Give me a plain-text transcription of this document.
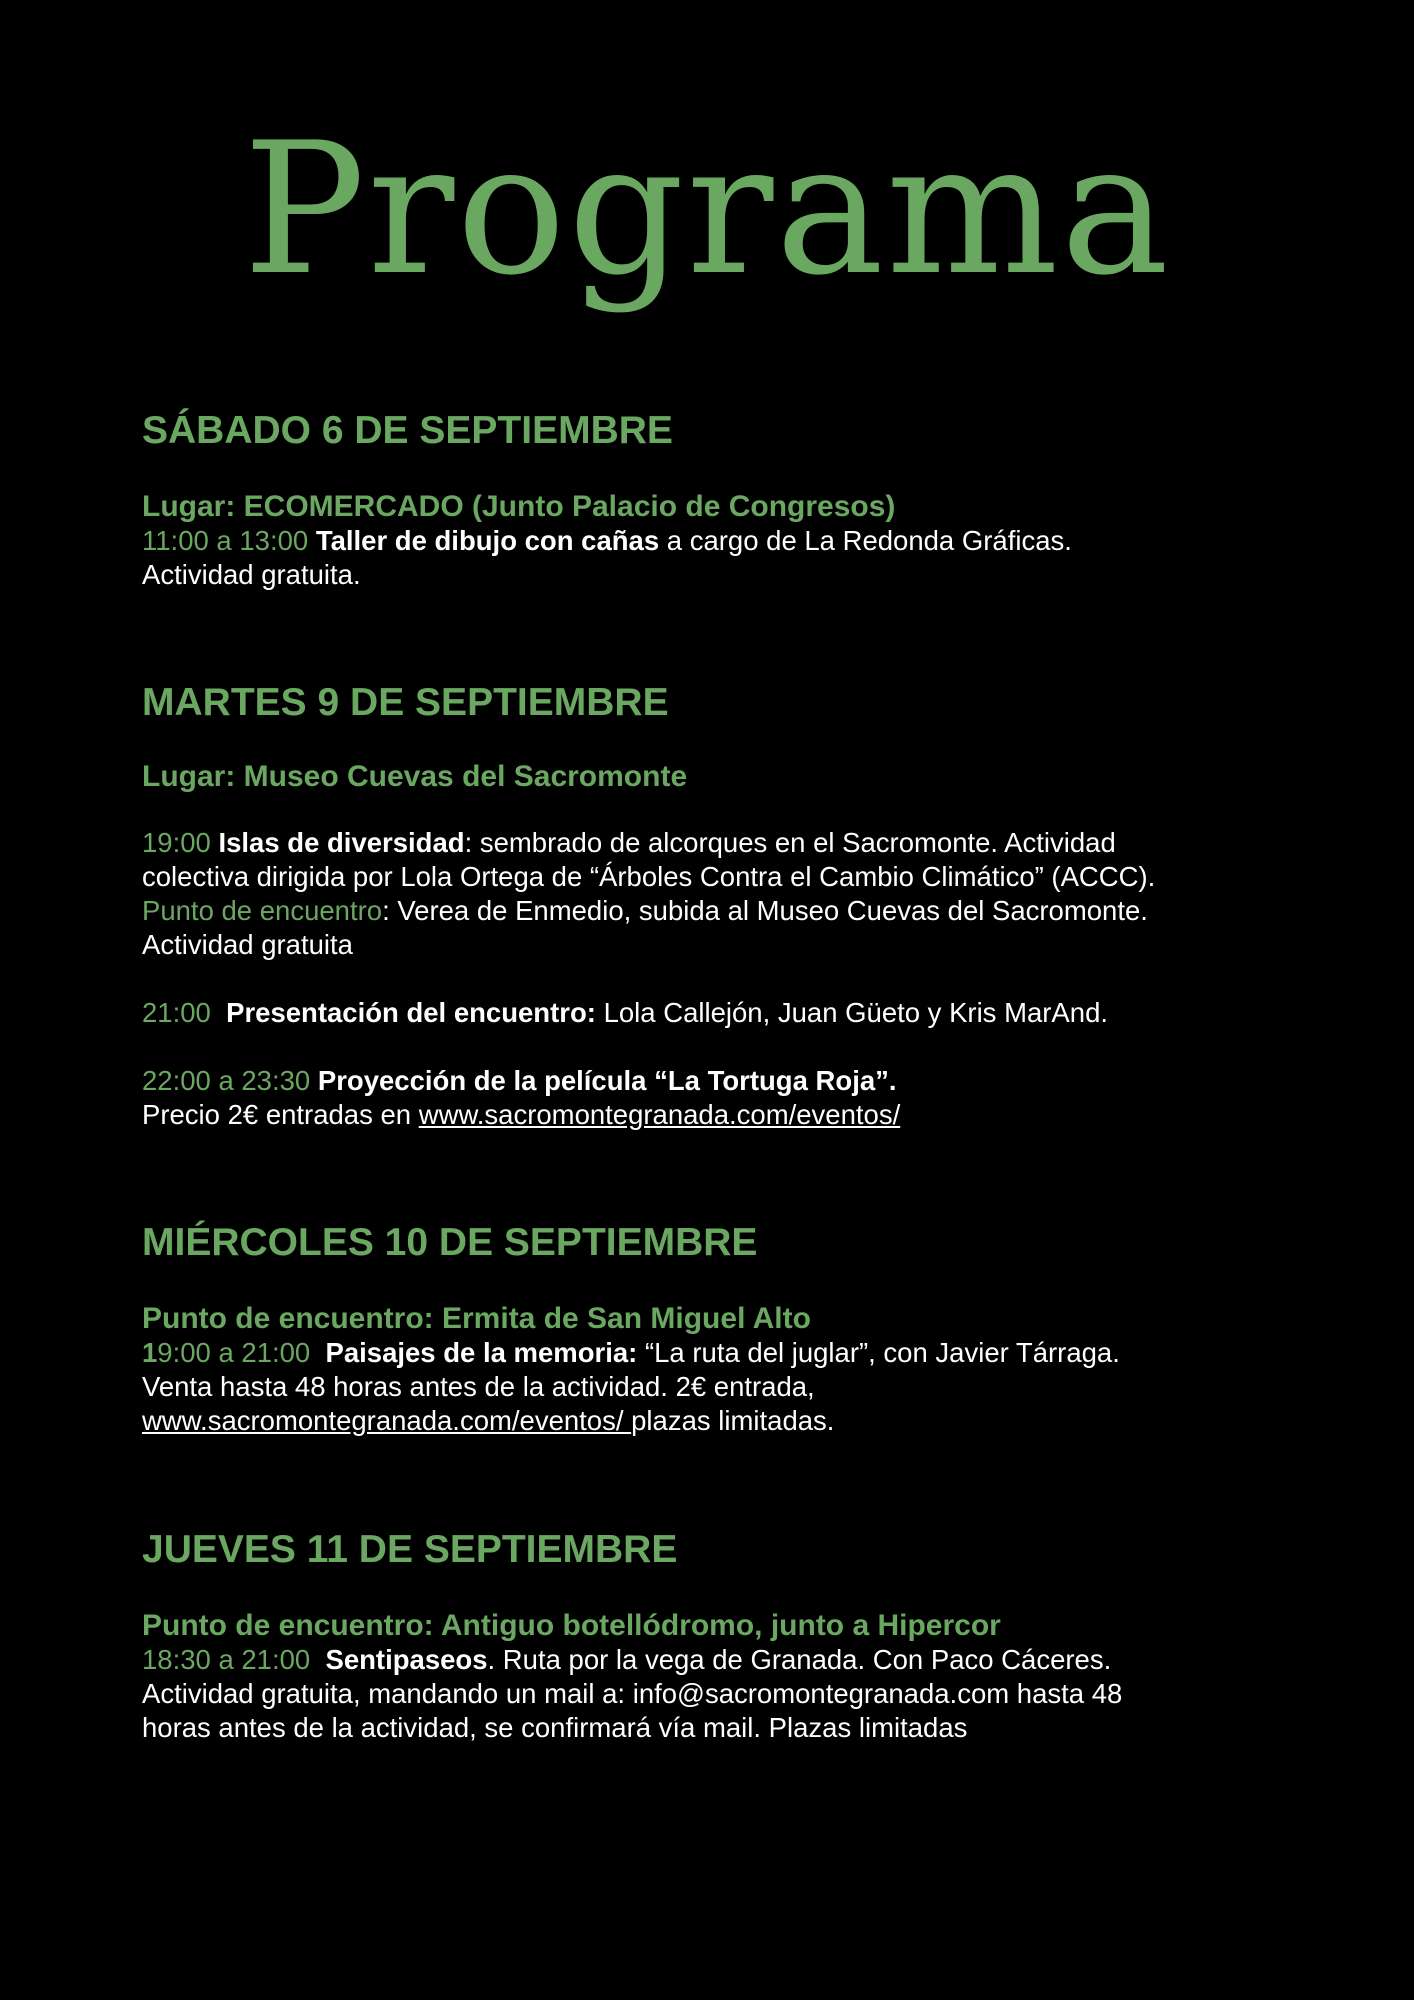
Programa

SÁBADO 6 DE SEPTIEMBRE

Lugar: ECOMERCADO (Junto Palacio de Congresos)

11:00 a 13:00 Taller de dibujo con cañas a cargo de La Redonda Gráficas.

Actividad gratuita.

MARTES 9 DE SEPTIEMBRE

Lugar: Museo Cuevas del Sacromonte

19:00 Islas de diversidad: sembrado de alcorques en el Sacromonte. Actividad

colectiva dirigida por Lola Ortega de “Árboles Contra el Cambio Climático” (ACCC).

Punto de encuentro: Verea de Enmedio, subida al Museo Cuevas del Sacromonte.

Actividad gratuita

21:00 Presentación del encuentro: Lola Callejón, Juan Güeto y Kris MarAnd.

22:00 a 23:30 Proyección de la película “La Tortuga Roja”.

Precio 2€ entradas en www.sacromontegranada.com/eventos/

MIÉRCOLES 10 DE SEPTIEMBRE

Punto de encuentro: Ermita de San Miguel Alto

19:00 a 21:00 Paisajes de la memoria: “La ruta del juglar”, con Javier Tárraga.

Venta hasta 48 horas antes de la actividad. 2€ entrada,

www.sacromontegranada.com/eventos/ plazas limitadas.

JUEVES 11 DE SEPTIEMBRE

Punto de encuentro: Antiguo botellódromo, junto a Hipercor

18:30 a 21:00 Sentipaseos. Ruta por la vega de Granada. Con Paco Cáceres.

Actividad gratuita, mandando un mail a: info@sacromontegranada.com hasta 48

horas antes de la actividad, se confirmará vía mail. Plazas limitadas
